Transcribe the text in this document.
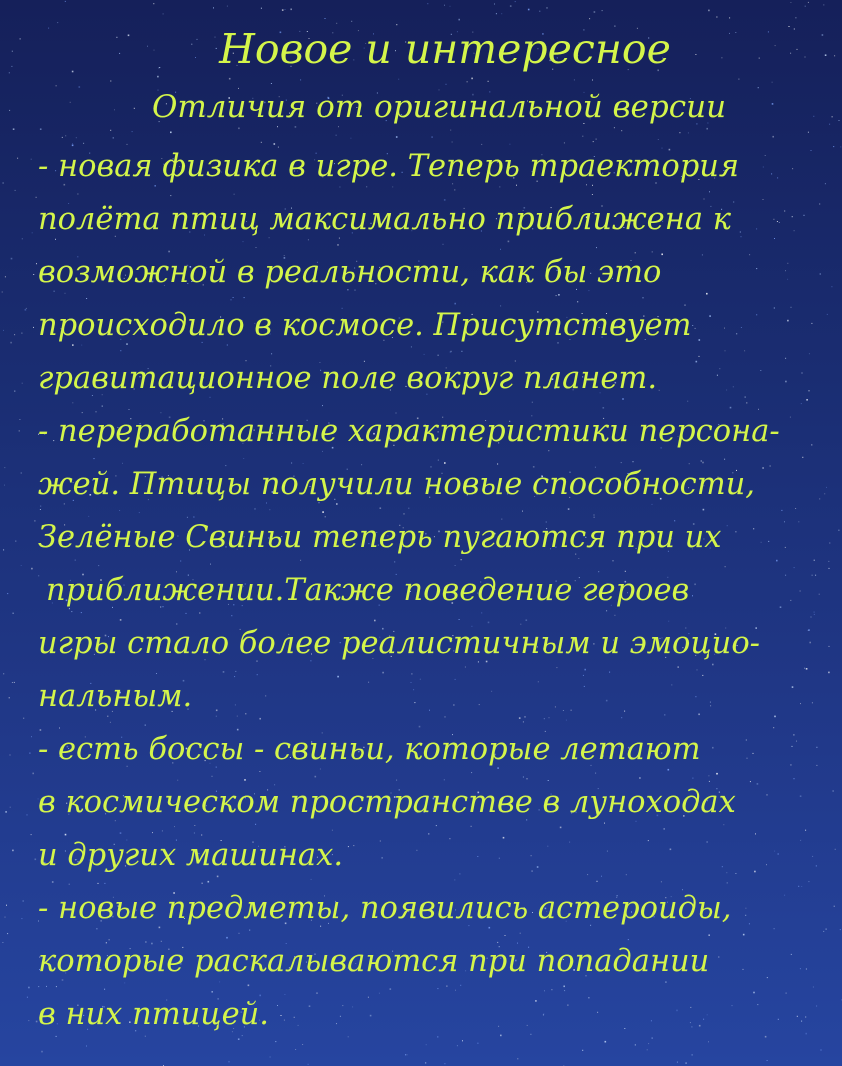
Новое и интересное
Отличия от оригинальной версии
- новая физика в игре. Теперь траектория
полёта птиц максимально приближена к
возможной в реальности, как бы это
происходило в космосе. Присутствует
гравитационное поле вокруг планет.
- переработанные характеристики персона-
жей. Птицы получили новые способности,
Зелёные Свиньи теперь пугаются при их
приближении.Также поведение героев
игры стало более реалистичным и эмоцио-
нальным.
- есть боссы - свиньи, которые летают
в космическом пространстве в луноходах
и других машинах.
- новые предметы, появились астероиды,
которые раскалываются при попадании
в них птицей.
